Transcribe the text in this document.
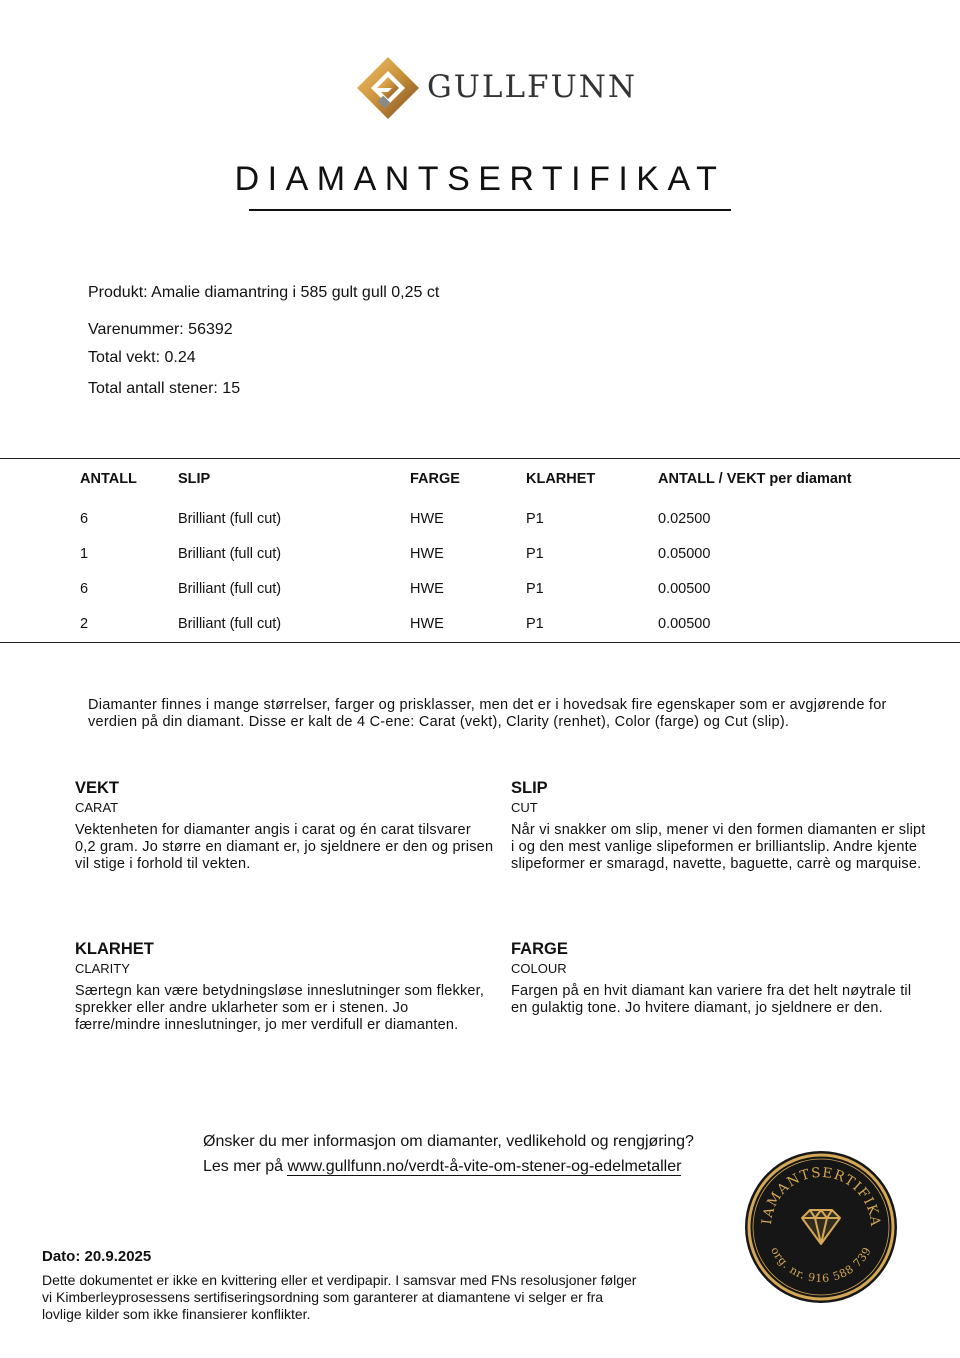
GULLFUNN
DIAMANTSERTIFIKAT
Produkt: Amalie diamantring i 585 gult gull 0,25 ct
Varenummer: 56392
Total vekt: 0.24
Total antall stener: 15
ANTALL	SLIP	FARGE	KLARHET	ANTALL / VEKT per diamant
6	Brilliant (full cut)	HWE	P1	0.02500
1	Brilliant (full cut)	HWE	P1	0.05000
6	Brilliant (full cut)	HWE	P1	0.00500
2	Brilliant (full cut)	HWE	P1	0.00500
Diamanter finnes i mange størrelser, farger og prisklasser, men det er i hovedsak fire egenskaper som er avgjørende for verdien på din diamant. Disse er kalt de 4 C-ene: Carat (vekt), Clarity (renhet), Color (farge) og Cut (slip).
VEKT
CARAT
Vektenheten for diamanter angis i carat og én carat tilsvarer 0,2 gram. Jo større en diamant er, jo sjeldnere er den og prisen vil stige i forhold til vekten.
SLIP
CUT
Når vi snakker om slip, mener vi den formen diamanten er slipt i og den mest vanlige slipeformen er brilliantslip. Andre kjente slipeformer er smaragd, navette, baguette, carrè og marquise.
KLARHET
CLARITY
Særtegn kan være betydningsløse inneslutninger som flekker, sprekker eller andre uklarheter som er i stenen. Jo færre/mindre inneslutninger, jo mer verdifull er diamanten.
FARGE
COLOUR
Fargen på en hvit diamant kan variere fra det helt nøytrale til en gulaktig tone. Jo hvitere diamant, jo sjeldnere er den.
Ønsker du mer informasjon om diamanter, vedlikehold og rengjøring?
Les mer på www.gullfunn.no/verdt-å-vite-om-stener-og-edelmetaller
IAMANTSERTIFIKA
org. nr. 916 588 739
Dato: 20.9.2025
Dette dokumentet er ikke en kvittering eller et verdipapir. I samsvar med FNs resolusjoner følger vi Kimberleyprosessens sertifiseringsordning som garanterer at diamantene vi selger er fra lovlige kilder som ikke finansierer konflikter.
